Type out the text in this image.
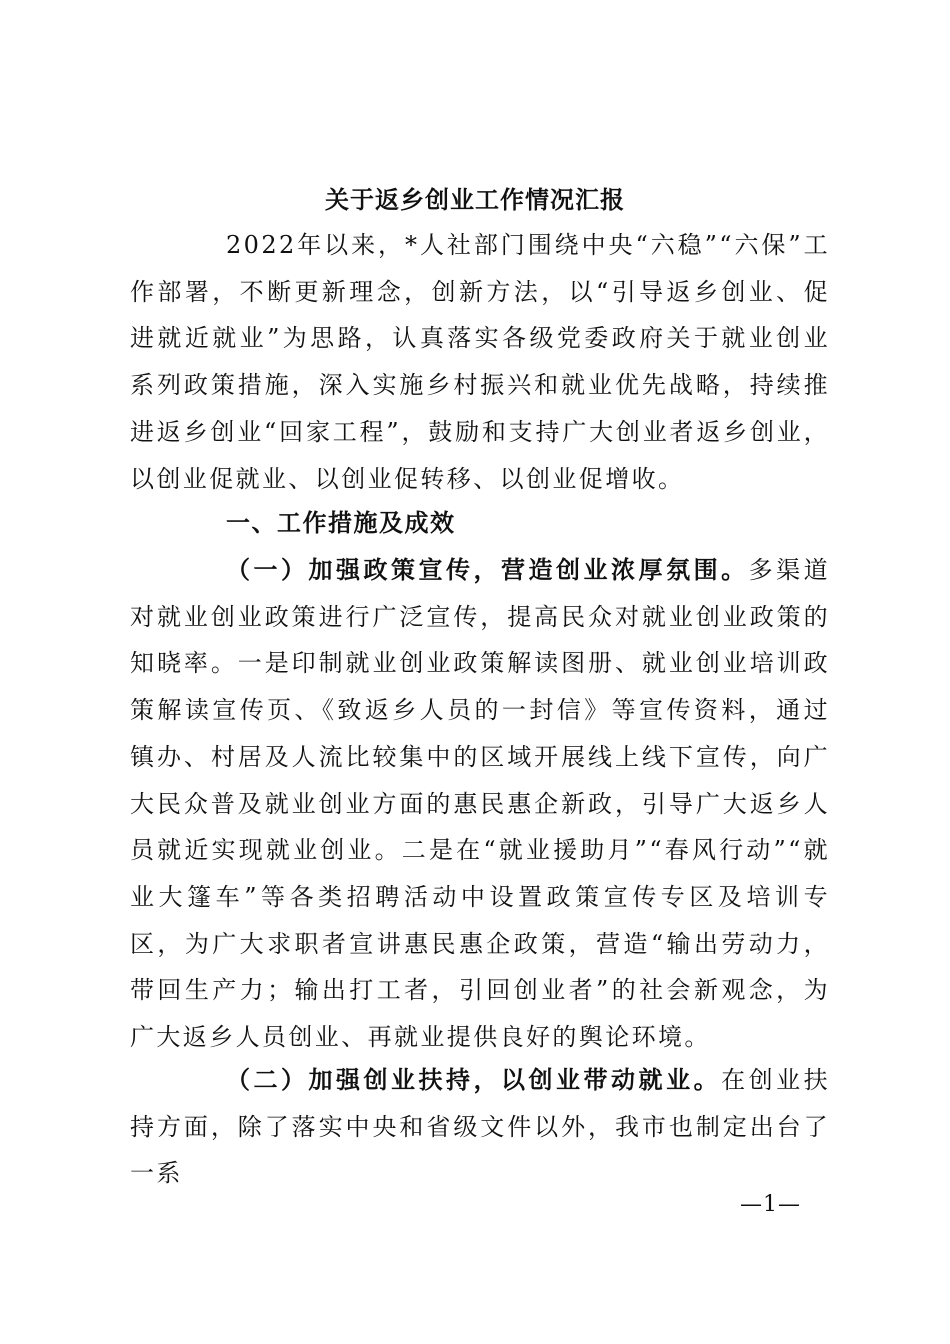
关于返乡创业工作情况汇报

2022年以来，*人社部门围绕中央“六稳”“六保”工作部署，不断更新理念，创新方法，以“引导返乡创业、促进就近就业”为思路，认真落实各级党委政府关于就业创业系列政策措施，深入实施乡村振兴和就业优先战略，持续推进返乡创业“回家工程”，鼓励和支持广大创业者返乡创业，以创业促就业、以创业促转移、以创业促增收。

一、工作措施及成效

（一）加强政策宣传，营造创业浓厚氛围。多渠道对就业创业政策进行广泛宣传，提高民众对就业创业政策的知晓率。一是印制就业创业政策解读图册、就业创业培训政策解读宣传页、《致返乡人员的一封信》等宣传资料，通过镇办、村居及人流比较集中的区域开展线上线下宣传，向广大民众普及就业创业方面的惠民惠企新政，引导广大返乡人员就近实现就业创业。二是在“就业援助月”“春风行动”“就业大篷车”等各类招聘活动中设置政策宣传专区及培训专区，为广大求职者宣讲惠民惠企政策，营造“输出劳动力，带回生产力；输出打工者，引回创业者”的社会新观念，为广大返乡人员创业、再就业提供良好的舆论环境。

（二）加强创业扶持，以创业带动就业。在创业扶持方面，除了落实中央和省级文件以外，我市也制定出台了一系

—1—
